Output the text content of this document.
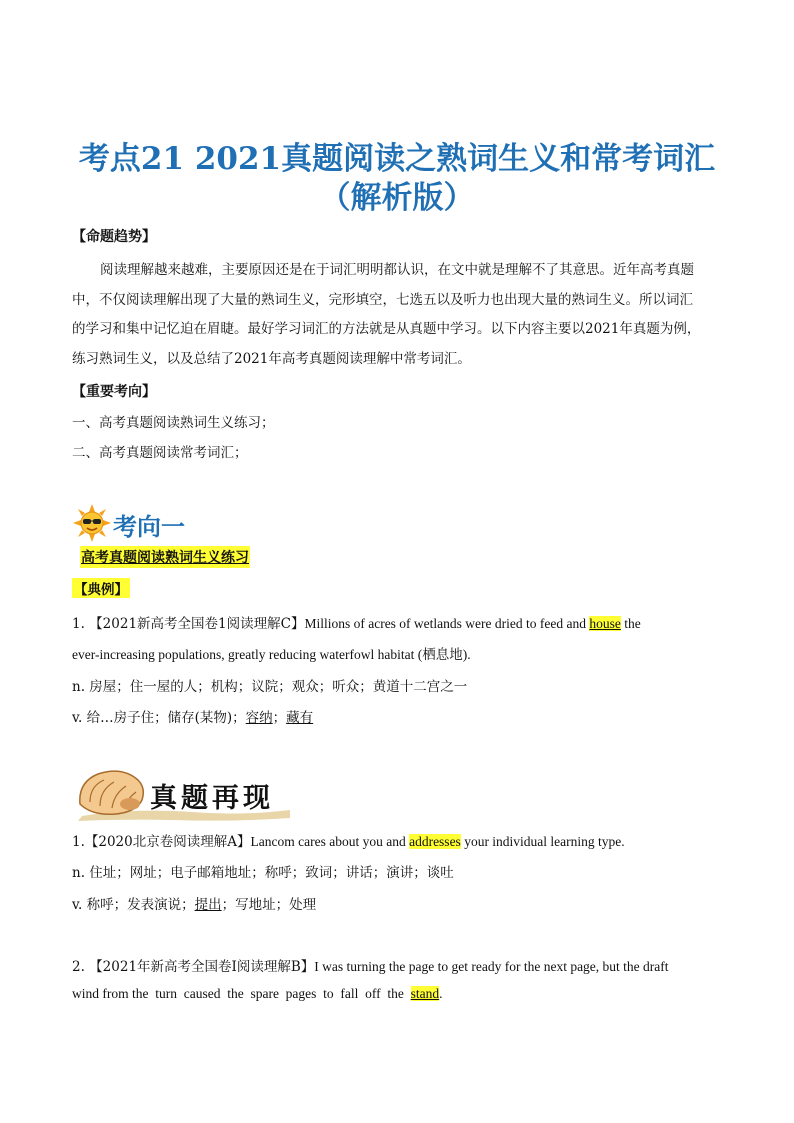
考点21 2021真题阅读之熟词生义和常考词汇
（解析版）
【命题趋势】
阅读理解越来越难，主要原因还是在于词汇明明都认识，在文中就是理解不了其意思。近年高考真题
中，不仅阅读理解出现了大量的熟词生义，完形填空，七选五以及听力也出现大量的熟词生义。所以词汇
的学习和集中记忆迫在眉睫。最好学习词汇的方法就是从真题中学习。以下内容主要以2021年真题为例，
练习熟词生义，以及总结了2021年高考真题阅读理解中常考词汇。
【重要考向】
一、高考真题阅读熟词生义练习；
二、高考真题阅读常考词汇；
考向一
高考真题阅读熟词生义练习
【典例】
1. 【2021新高考全国卷1阅读理解C】Millions of acres of wetlands were dried to feed and house the
ever-increasing populations, greatly reducing waterfowl habitat (栖息地).
n. 房屋；住一屋的人；机构；议院；观众；听众；黄道十二宫之一
v. 给…房子住；储存(某物)；容纳；藏有
真题再现
1.【2020北京卷阅读理解A】Lancom cares about you and addresses your individual learning type.
n. 住址；网址；电子邮箱地址；称呼；致词；讲话；演讲；谈吐
v. 称呼；发表演说；提出；写地址；处理
2. 【2021年新高考全国卷Ⅰ阅读理解B】I was turning the page to get ready for the next page, but the draft
wind from the  turn  caused  the  spare  pages  to  fall  off  the  stand.
